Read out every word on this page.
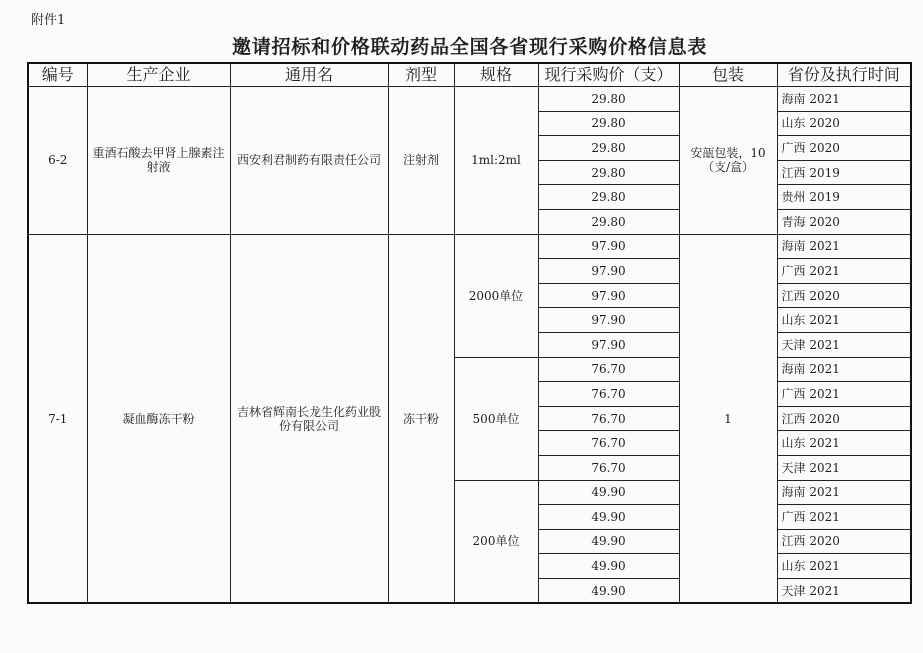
附件1
邀请招标和价格联动药品全国各省现行采购价格信息表
编号	生产企业	通用名	剂型	规格	现行采购价（支）	包装	省份及执行时间
6-2	重酒石酸去甲肾上腺素注射液	西安利君制药有限责任公司	注射剂	1ml:2ml	29.80	安瓿包装，10（支/盒）	海南 2021
					29.80		山东 2020
					29.80		广西 2020
					29.80		江西 2019
					29.80		贵州 2019
					29.80		青海 2020
7-1	凝血酶冻干粉	吉林省辉南长龙生化药业股份有限公司	冻干粉	2000单位	97.90	1	海南 2021
					97.90		广西 2021
					97.90		江西 2020
					97.90		山东 2021
					97.90		天津 2021
				500单位	76.70		海南 2021
					76.70		广西 2021
					76.70		江西 2020
					76.70		山东 2021
					76.70		天津 2021
				200单位	49.90		海南 2021
					49.90		广西 2021
					49.90		江西 2020
					49.90		山东 2021
					49.90		天津 2021
